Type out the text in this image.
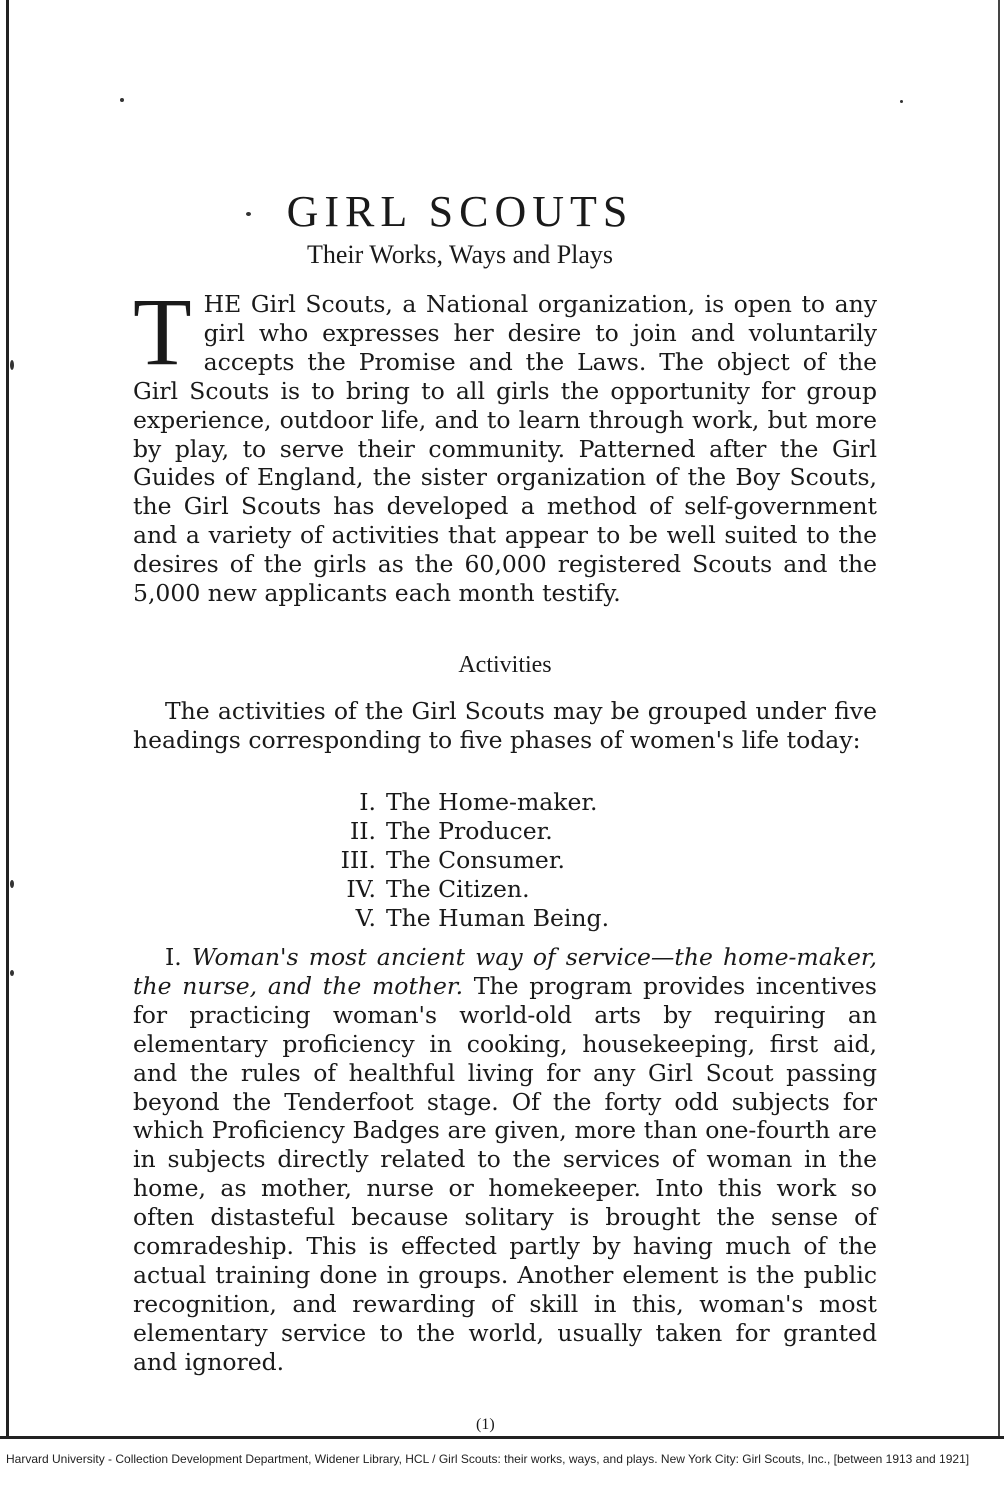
GIRL SCOUTS
Their Works, Ways and Plays
THE Girl Scouts, a National organization, is open to any girl who expresses her desire to join and voluntarily accepts the Promise and the Laws. The object of the Girl Scouts is to bring to all girls the opportunity for group experience, outdoor life, and to learn through work, but more by play, to serve their community. Patterned after the Girl Guides of England, the sister organization of the Boy Scouts, the Girl Scouts has developed a method of self-government and a variety of activities that appear to be well suited to the desires of the girls as the 60,000 registered Scouts and the 5,000 new applicants each month testify.
Activities

The activities of the Girl Scouts may be grouped under five headings corresponding to five phases of women's life today:

I. The Home-maker.
II. The Producer.
III. The Consumer.
IV. The Citizen.
V. The Human Being.

I. Woman's most ancient way of service—the home-maker, the nurse, and the mother. The program provides incentives for practicing woman's world-old arts by requiring an elementary proficiency in cooking, housekeeping, first aid, and the rules of healthful living for any Girl Scout passing beyond the Tenderfoot stage. Of the forty odd subjects for which Proficiency Badges are given, more than one-fourth are in subjects directly related to the services of woman in the home, as mother, nurse or homekeeper. Into this work so often distasteful because solitary is brought the sense of comradeship. This is effected partly by having much of the actual training done in groups. Another element is the public recognition, and rewarding of skill in this, woman's most elementary service to the world, usually taken for granted and ignored.

(1)
Harvard University - Collection Development Department, Widener Library, HCL / Girl Scouts: their works, ways, and plays. New York City: Girl Scouts, Inc., [between 1913 and 1921]
